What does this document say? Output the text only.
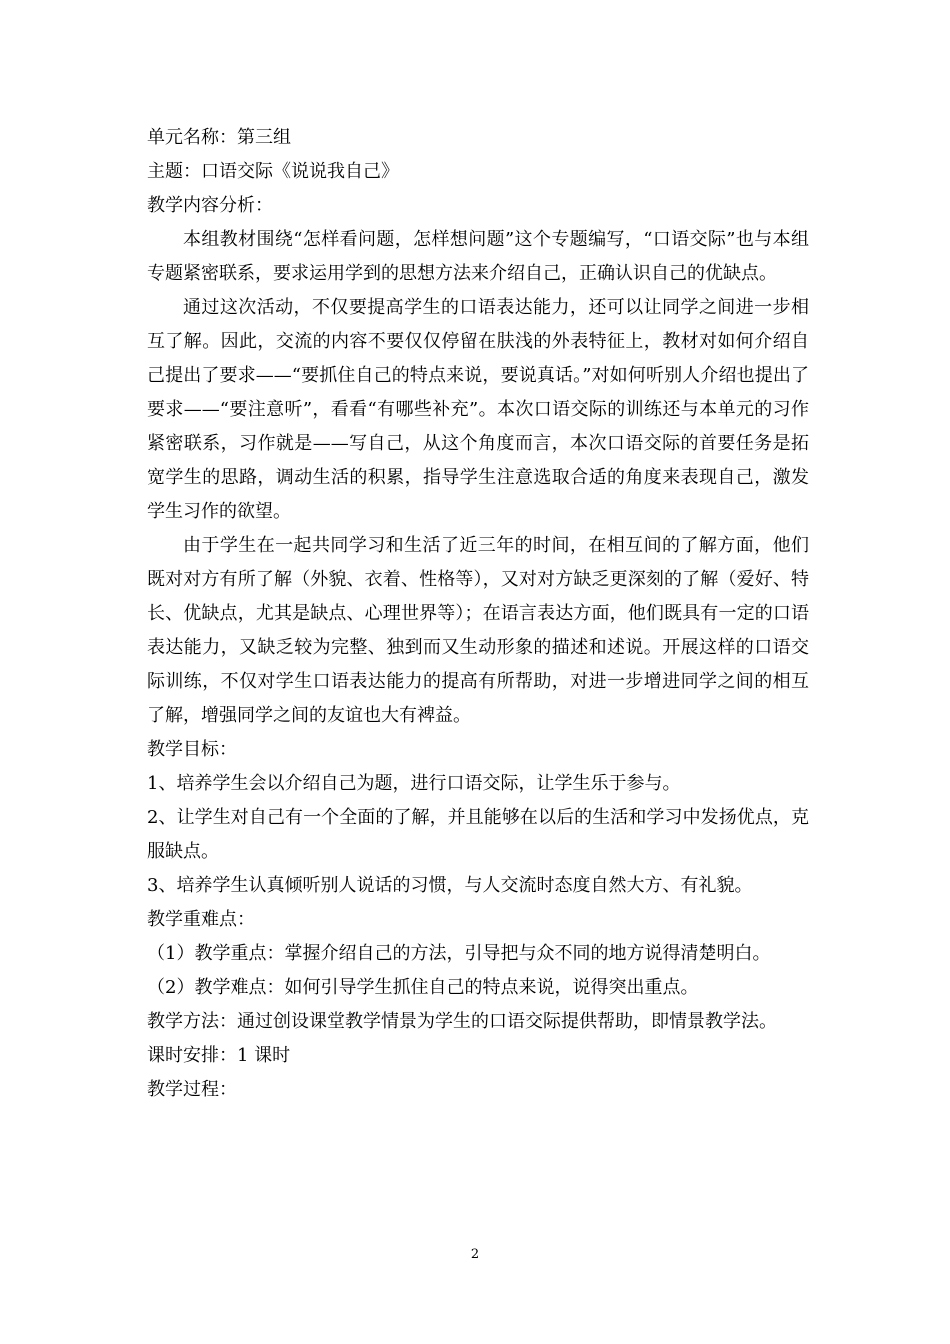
单元名称：第三组

主题：口语交际《说说我自己》

教学内容分析：

本组教材围绕“怎样看问题，怎样想问题”这个专题编写，“口语交际”也与本组专题紧密联系，要求运用学到的思想方法来介绍自己，正确认识自己的优缺点。

通过这次活动，不仅要提高学生的口语表达能力，还可以让同学之间进一步相互了解。因此，交流的内容不要仅仅停留在肤浅的外表特征上，教材对如何介绍自己提出了要求——“要抓住自己的特点来说，要说真话。”对如何听别人介绍也提出了要求——“要注意听”，看看“有哪些补充”。本次口语交际的训练还与本单元的习作紧密联系，习作就是——写自己，从这个角度而言，本次口语交际的首要任务是拓宽学生的思路，调动生活的积累，指导学生注意选取合适的角度来表现自己，激发学生习作的欲望。

由于学生在一起共同学习和生活了近三年的时间，在相互间的了解方面，他们既对对方有所了解（外貌、衣着、性格等），又对对方缺乏更深刻的了解（爱好、特长、优缺点，尤其是缺点、心理世界等）；在语言表达方面，他们既具有一定的口语表达能力，又缺乏较为完整、独到而又生动形象的描述和述说。开展这样的口语交际训练，不仅对学生口语表达能力的提高有所帮助，对进一步增进同学之间的相互了解，增强同学之间的友谊也大有裨益。

教学目标：

1、培养学生会以介绍自己为题，进行口语交际，让学生乐于参与。

2、让学生对自己有一个全面的了解，并且能够在以后的生活和学习中发扬优点，克服缺点。

3、培养学生认真倾听别人说话的习惯，与人交流时态度自然大方、有礼貌。

教学重难点：

（1）教学重点：掌握介绍自己的方法，引导把与众不同的地方说得清楚明白。

（2）教学难点：如何引导学生抓住自己的特点来说，说得突出重点。

教学方法：通过创设课堂教学情景为学生的口语交际提供帮助，即情景教学法。

课时安排：1 课时

教学过程：

2
